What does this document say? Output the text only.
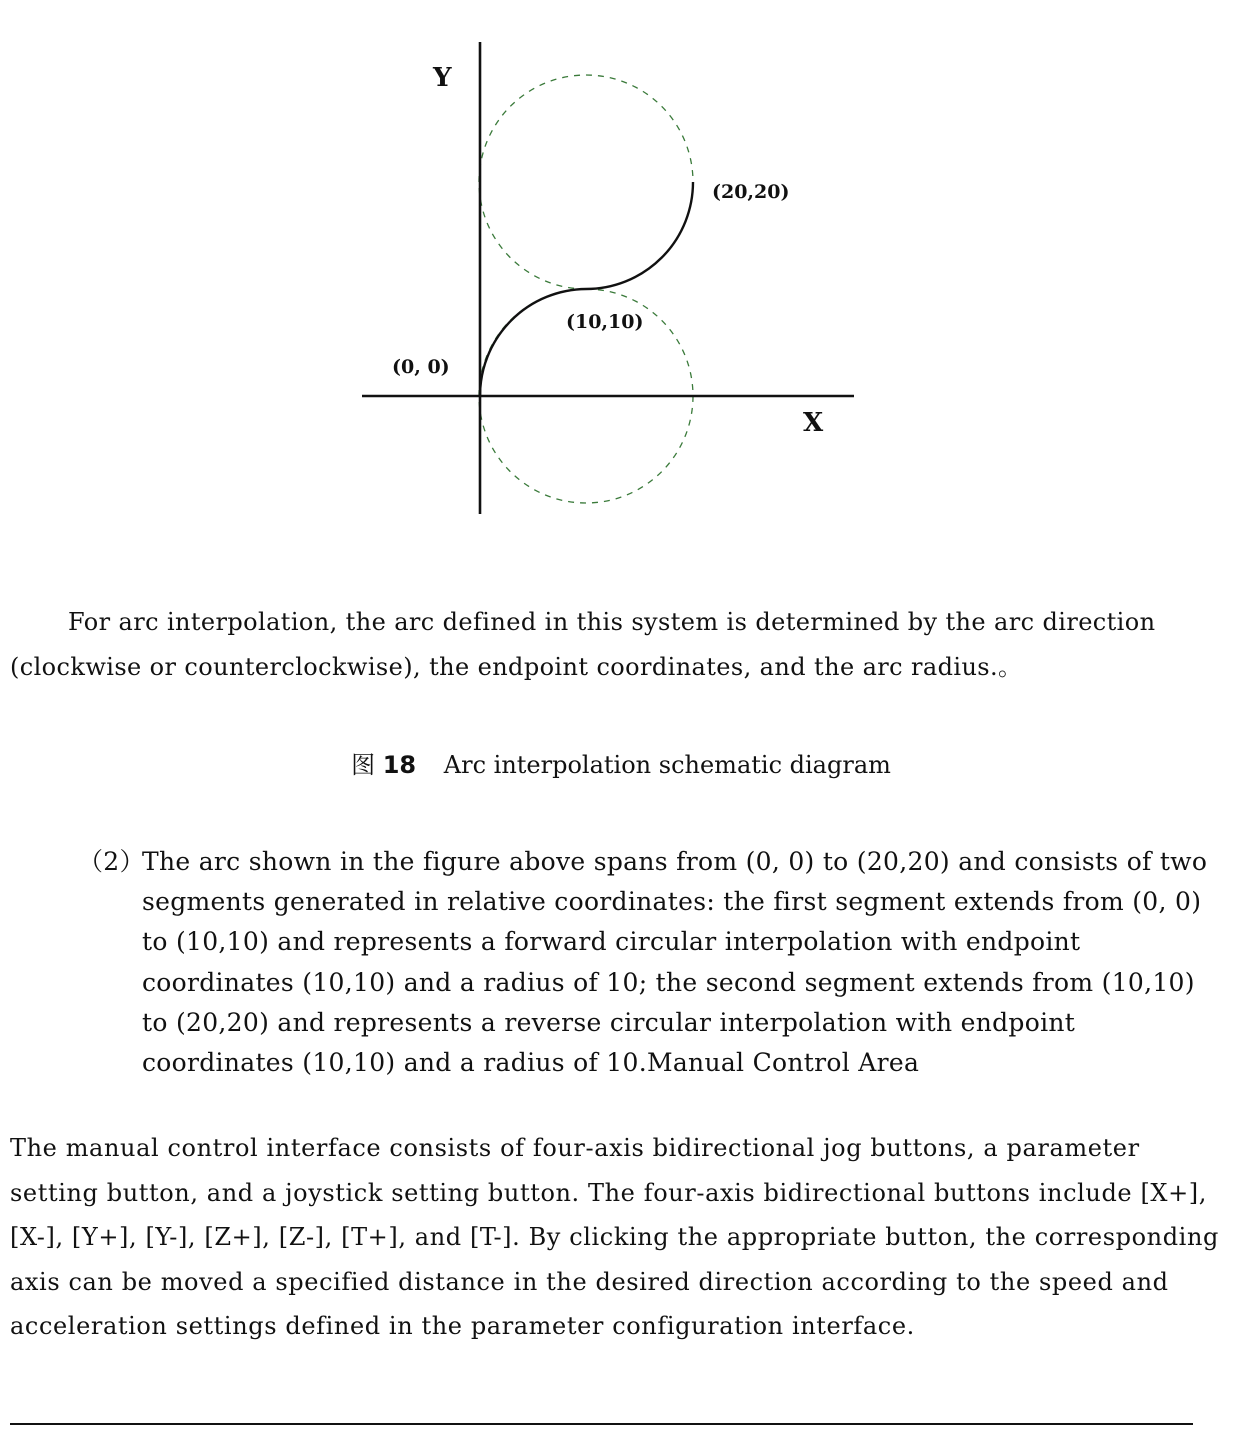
Y
X
(0, 0)
(10,10)
(20,20)

For arc interpolation, the arc defined in this system is determined by the arc direction (clockwise or counterclockwise), the endpoint coordinates, and the arc radius.。

图 18 Arc interpolation schematic diagram
（2）
The arc shown in the figure above spans from (0, 0) to (20,20) and consists of two segments generated in relative coordinates: the first segment extends from (0, 0) to (10,10) and represents a forward circular interpolation with endpoint coordinates (10,10) and a radius of 10; the second segment extends from (10,10) to (20,20) and represents a reverse circular interpolation with endpoint coordinates (10,10) and a radius of 10.Manual Control Area

The manual control interface consists of four-axis bidirectional jog buttons, a parameter setting button, and a joystick setting button. The four-axis bidirectional buttons include [X+], [X-], [Y+], [Y-], [Z+], [Z-], [T+], and [T-]. By clicking the appropriate button, the corresponding axis can be moved a specified distance in the desired direction according to the speed and acceleration settings defined in the parameter configuration interface.
